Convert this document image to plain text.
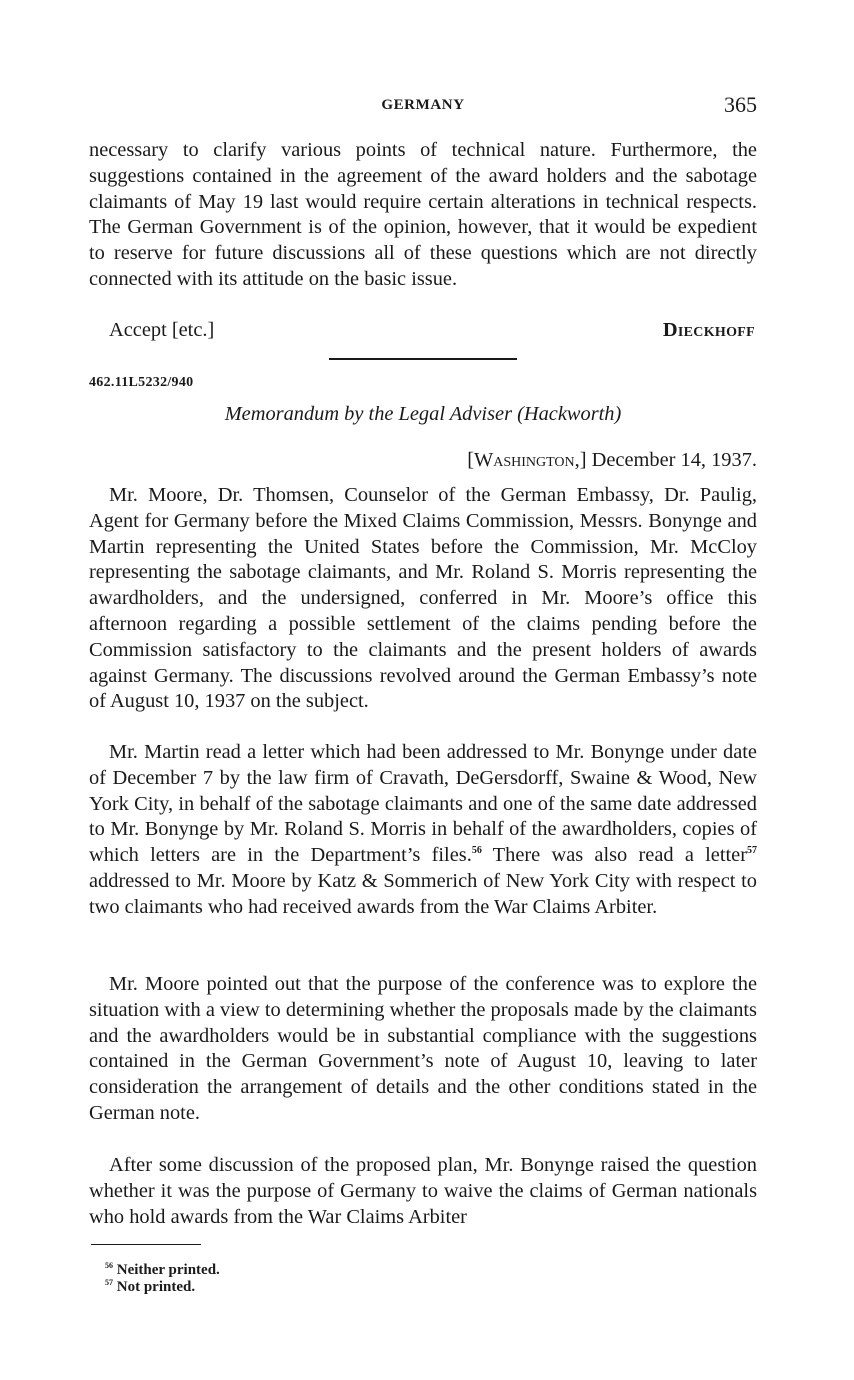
GERMANY	365

necessary to clarify various points of technical nature. Furthermore, the suggestions contained in the agreement of the award holders and the sabotage claimants of May 19 last would require certain alterations in technical respects. The German Government is of the opinion, however, that it would be expedient to reserve for future discussions all of these questions which are not directly connected with its attitude on the basic issue.

Accept [etc.]	Dieckhoff
462.11L5232/940
Memorandum by the Legal Adviser (Hackworth)
[Washington,] December 14, 1937.

Mr. Moore, Dr. Thomsen, Counselor of the German Embassy, Dr. Paulig, Agent for Germany before the Mixed Claims Commission, Messrs. Bonynge and Martin representing the United States before the Commission, Mr. McCloy representing the sabotage claimants, and Mr. Roland S. Morris representing the awardholders, and the undersigned, conferred in Mr. Moore’s office this afternoon regarding a possible settlement of the claims pending before the Commission satisfactory to the claimants and the present holders of awards against Germany. The discussions revolved around the German Embassy’s note of August 10, 1937 on the subject.

Mr. Martin read a letter which had been addressed to Mr. Bonynge under date of December 7 by the law firm of Cravath, DeGersdorff, Swaine & Wood, New York City, in behalf of the sabotage claimants and one of the same date addressed to Mr. Bonynge by Mr. Roland S. Morris in behalf of the awardholders, copies of which letters are in the Department’s files.$^{56}$ There was also read a letter$^{57}$ addressed to Mr. Moore by Katz & Sommerich of New York City with respect to two claimants who had received awards from the War Claims Arbiter.

Mr. Moore pointed out that the purpose of the conference was to explore the situation with a view to determining whether the proposals made by the claimants and the awardholders would be in substantial compliance with the suggestions contained in the German Government’s note of August 10, leaving to later consideration the arrangement of details and the other conditions stated in the German note.

After some discussion of the proposed plan, Mr. Bonynge raised the question whether it was the purpose of Germany to waive the claims of German nationals who hold awards from the War Claims Arbiter

$^{56}$ Neither printed.
$^{57}$ Not printed.
